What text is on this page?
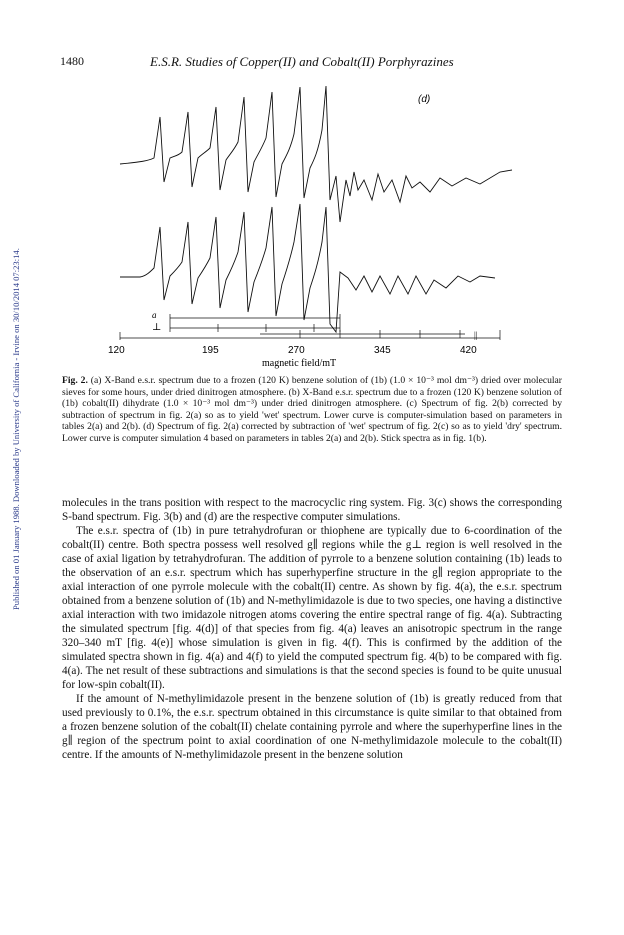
Published on 01 January 1988. Downloaded by University of California - Irvine on 30/10/2014 07:23:14.
1480	E.S.R. Studies of Copper(II) and Cobalt(II) Porphyrazines
(d)
a
⊥
||
120	195	270	345	420
magnetic field/mT
Fig. 2. (a) X-Band e.s.r. spectrum due to a frozen (120 K) benzene solution of (1b) (1.0 × 10⁻³ mol dm⁻³) dried over molecular sieves for some hours, under dried dinitrogen atmosphere. (b) X-Band e.s.r. spectrum due to a frozen (120 K) benzene solution of (1b) cobalt(II) dihydrate (1.0 × 10⁻³ mol dm⁻³) under dried dinitrogen atmosphere. (c) Spectrum of fig. 2(b) corrected by subtraction of spectrum in fig. 2(a) so as to yield 'wet' spectrum. Lower curve is computer-simulation based on parameters in tables 2(a) and 2(b). (d) Spectrum of fig. 2(a) corrected by subtraction of 'wet' spectrum of fig. 2(c) so as to yield 'dry' spectrum. Lower curve is computer simulation 4 based on parameters in tables 2(a) and 2(b). Stick spectra as in fig. 1(b).

molecules in the trans position with respect to the macrocyclic ring system. Fig. 3(c) shows the corresponding S-band spectrum. Fig. 3(b) and (d) are the respective computer simulations.

The e.s.r. spectra of (1b) in pure tetrahydrofuran or thiophene are typically due to 6-coordination of the cobalt(II) centre. Both spectra possess well resolved g∥ regions while the g⊥ region is well resolved in the case of axial ligation by tetrahydrofuran. The addition of pyrrole to a benzene solution containing (1b) leads to the observation of an e.s.r. spectrum which has superhyperfine structure in the g∥ region appropriate to the axial interaction of one pyrrole molecule with the cobalt(II) centre. As shown by fig. 4(a), the e.s.r. spectrum obtained from a benzene solution of (1b) and N-methylimidazole is due to two species, one having a distinctive axial interaction with two imidazole nitrogen atoms covering the entire spectral range of fig. 4(a). Subtracting the simulated spectrum [fig. 4(d)] of that species from fig. 4(a) leaves an anisotropic spectrum in the range 320–340 mT [fig. 4(e)] whose simulation is given in fig. 4(f). This is confirmed by the addition of the simulated spectra shown in fig. 4(a) and 4(f) to yield the computed spectrum fig. 4(b) to be compared with fig. 4(a). The net result of these subtractions and simulations is that the second species is found to be quite unusual for low-spin cobalt(II).

If the amount of N-methylimidazole present in the benzene solution of (1b) is greatly reduced from that used previously to 0.1%, the e.s.r. spectrum obtained in this circumstance is quite similar to that obtained from a frozen benzene solution of the cobalt(II) chelate containing pyrrole and where the superhyperfine lines in the g∥ region of the spectrum point to axial coordination of one N-methylimidazole molecule to the cobalt(II) centre. If the amounts of N-methylimidazole present in the benzene solution
